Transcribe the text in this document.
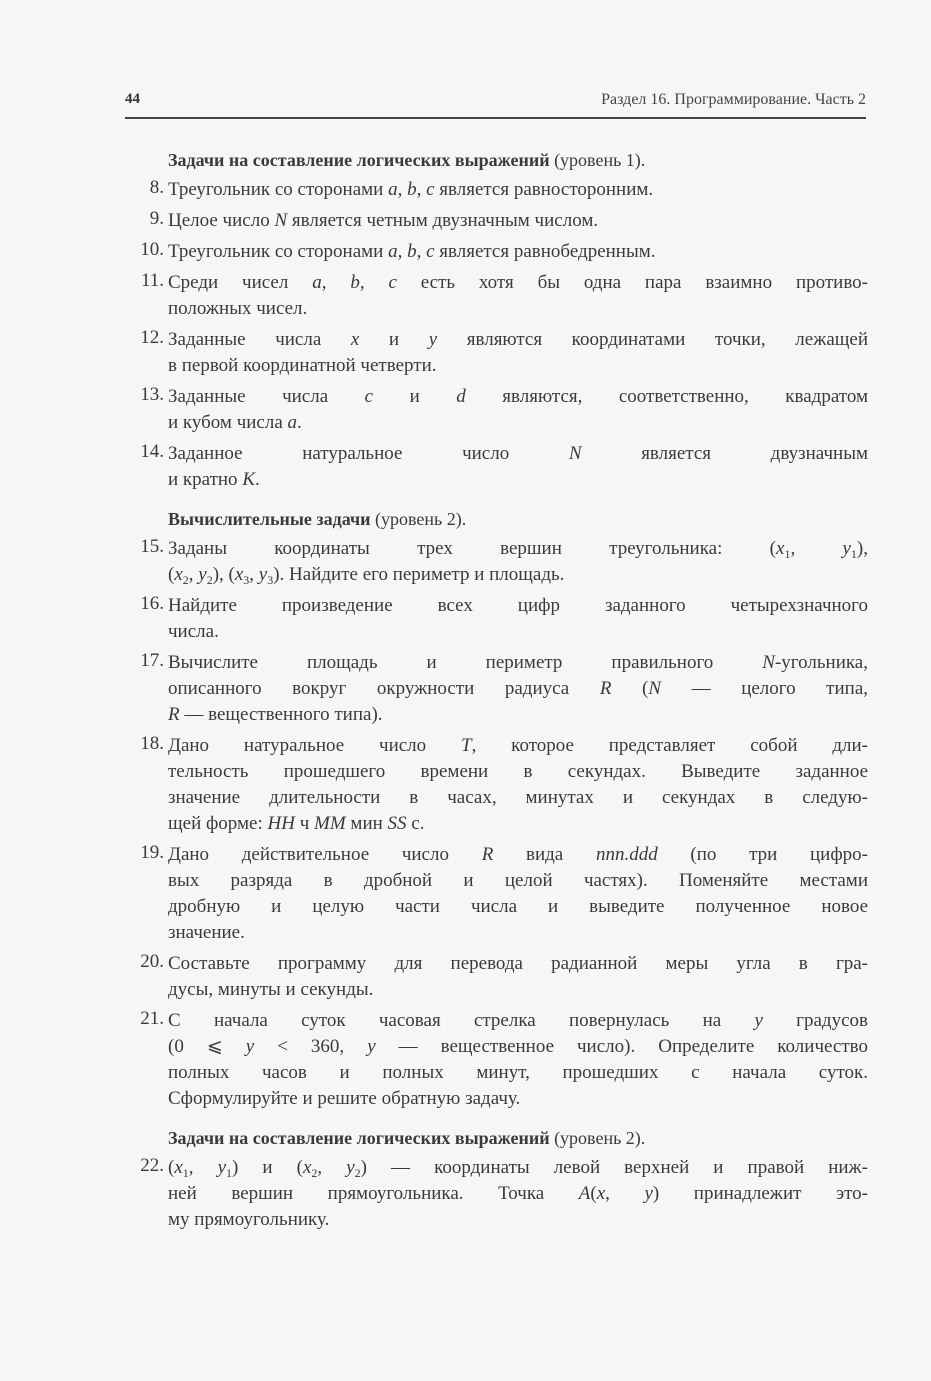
44	Раздел 16. Программирование. Часть 2
Задачи на составление логических выражений (уровень 1).
8. Треугольник со сторонами a, b, c является равносторонним.
9. Целое число N является четным двузначным числом.
10. Треугольник со сторонами a, b, c является равнобедренным.
11. Среди чисел a, b, c есть хотя бы одна пара взаимно противо-
положных чисел.
12. Заданные числа x и y являются координатами точки, лежащей
в первой координатной четверти.
13. Заданные числа c и d являются, соответственно, квадратом
и кубом числа a.
14. Заданное натуральное число N является двузначным
и кратно K.
Вычислительные задачи (уровень 2).
15. Заданы координаты трех вершин треугольника: ($x_1$, $y_1$),
($x_2$, $y_2$), ($x_3$, $y_3$). Найдите его периметр и площадь.
16. Найдите произведение всех цифр заданного четырехзначного
числа.
17. Вычислите площадь и периметр правильного N-угольника,
описанного вокруг окружности радиуса R (N — целого типа,
R — вещественного типа).
18. Дано натуральное число T, которое представляет собой дли-
тельность прошедшего времени в секундах. Выведите заданное
значение длительности в часах, минутах и секундах в следую-
щей форме: HH ч MM мин SS с.
19. Дано действительное число R вида nnn.ddd (по три цифро-
вых разряда в дробной и целой частях). Поменяйте местами
дробную и целую части числа и выведите полученное новое
значение.
20. Составьте программу для перевода радианной меры угла в гра-
дусы, минуты и секунды.
21. С начала суток часовая стрелка повернулась на y градусов
(0 ⩽ y < 360, y — вещественное число). Определите количество
полных часов и полных минут, прошедших с начала суток.
Сформулируйте и решите обратную задачу.
Задачи на составление логических выражений (уровень 2).
22. ($x_1$, $y_1$) и ($x_2$, $y_2$) — координаты левой верхней и правой ниж-
ней вершин прямоугольника. Точка A(x, y) принадлежит это-
му прямоугольнику.
